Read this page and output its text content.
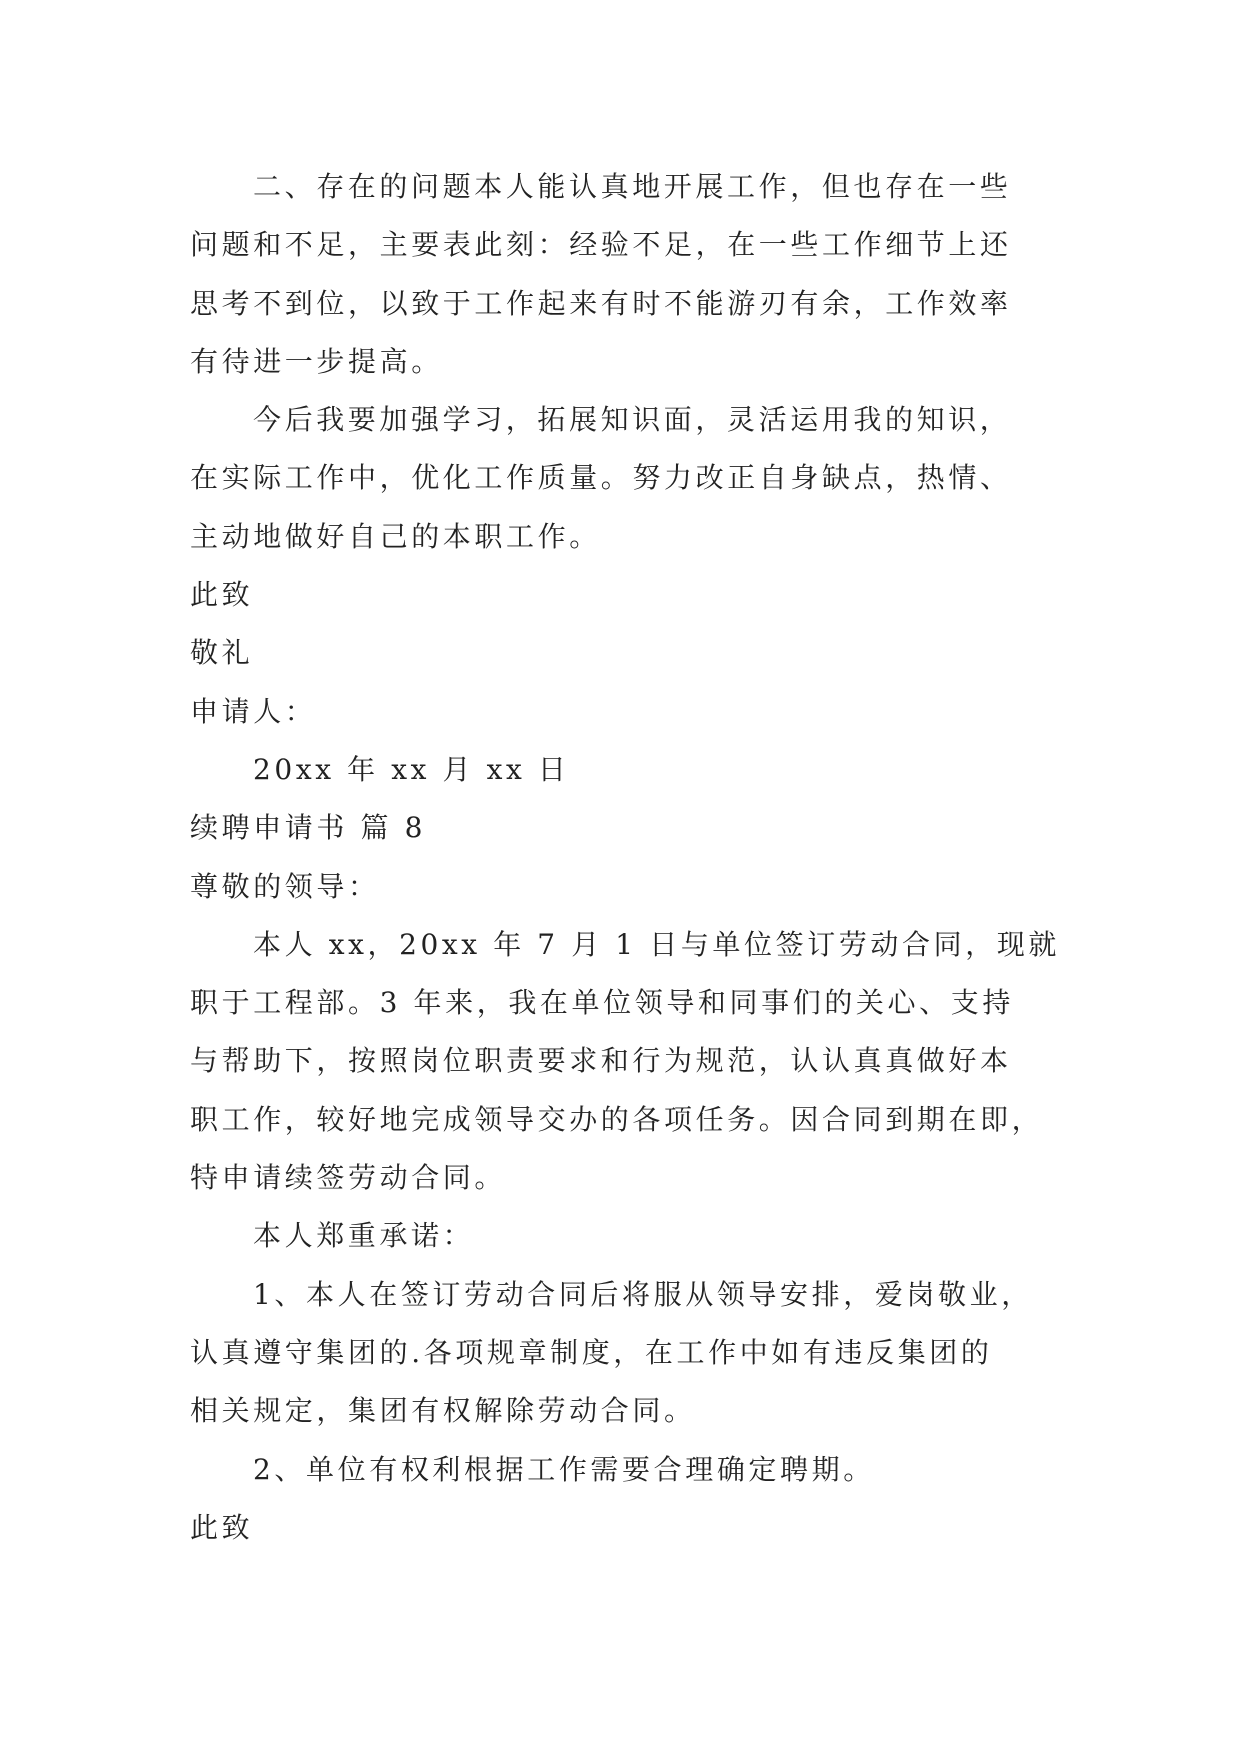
二、存在的问题本人能认真地开展工作，但也存在一些

问题和不足，主要表此刻：经验不足，在一些工作细节上还

思考不到位，以致于工作起来有时不能游刃有余，工作效率

有待进一步提高。

今后我要加强学习，拓展知识面，灵活运用我的知识，

在实际工作中，优化工作质量。努力改正自身缺点，热情、

主动地做好自己的本职工作。

此致

敬礼

申请人：

20xx 年 xx 月 xx 日

续聘申请书 篇 8

尊敬的领导：

本人 xx，20xx 年 7 月 1 日与单位签订劳动合同，现就

职于工程部。3 年来，我在单位领导和同事们的关心、支持

与帮助下，按照岗位职责要求和行为规范，认认真真做好本

职工作，较好地完成领导交办的各项任务。因合同到期在即，

特申请续签劳动合同。

本人郑重承诺：

1、本人在签订劳动合同后将服从领导安排，爱岗敬业，

认真遵守集团的.各项规章制度，在工作中如有违反集团的

相关规定，集团有权解除劳动合同。

2、单位有权利根据工作需要合理确定聘期。

此致
